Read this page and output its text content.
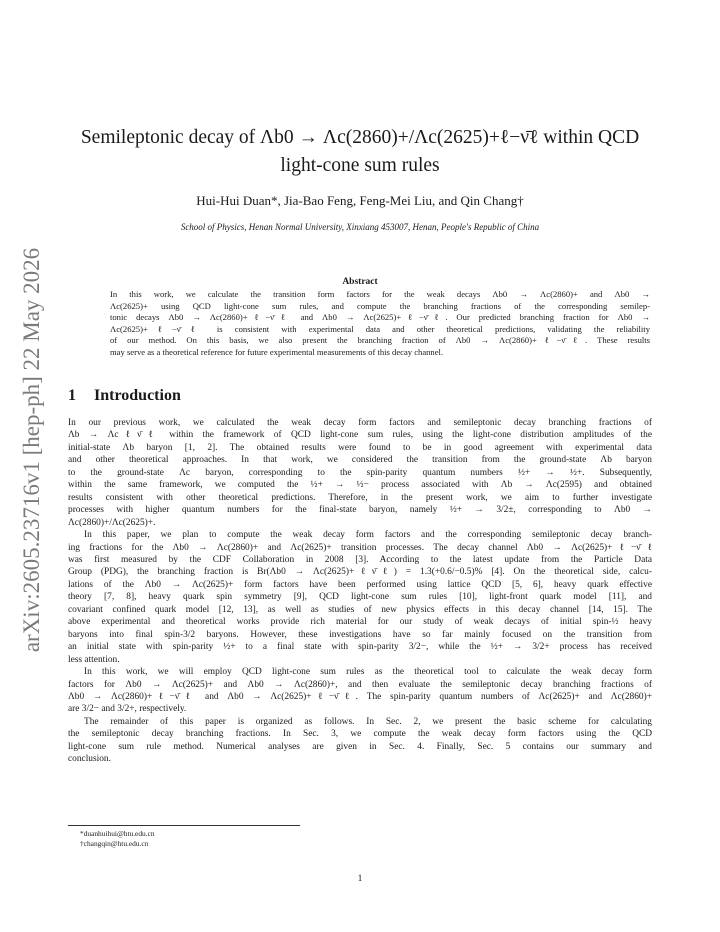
arXiv:2605.23716v1 [hep-ph] 22 May 2026
Semileptonic decay of Λb0 → Λc(2860)+/Λc(2625)+ℓ−ν̄ℓ within QCD
light-cone sum rules
Hui-Hui Duan*, Jia-Bao Feng, Feng-Mei Liu, and Qin Chang†
School of Physics, Henan Normal University, Xinxiang 453007, Henan, People's Republic of China
Abstract
In this work, we calculate the transition form factors for the weak decays Λb0 → Λc(2860)+ and Λb0 →
Λc(2625)+ using QCD light-cone sum rules, and compute the branching fractions of the corresponding semilep-
tonic decays Λb0 → Λc(2860)+ℓ−ν̄ℓ and Λb0 → Λc(2625)+ℓ−ν̄ℓ. Our predicted branching fraction for Λb0 →
Λc(2625)+ℓ−ν̄ℓ is consistent with experimental data and other theoretical predictions, validating the reliability
of our method. On this basis, we also present the branching fraction of Λb0 → Λc(2860)+ℓ−ν̄ℓ. These results
may serve as a theoretical reference for future experimental measurements of this decay channel.
1 Introduction
In our previous work, we calculated the weak decay form factors and semileptonic decay branching fractions of
Λb → Λcℓν̄ℓ within the framework of QCD light-cone sum rules, using the light-cone distribution amplitudes of the
initial-state Λb baryon [1, 2]. The obtained results were found to be in good agreement with experimental data
and other theoretical approaches. In that work, we considered the transition from the ground-state Λb baryon
to the ground-state Λc baryon, corresponding to the spin-parity quantum numbers ½+ → ½+. Subsequently,
within the same framework, we computed the ½+ → ½− process associated with Λb → Λc(2595) and obtained
results consistent with other theoretical predictions. Therefore, in the present work, we aim to further investigate
processes with higher quantum numbers for the final-state baryon, namely ½+ → 3/2±, corresponding to Λb0 →
Λc(2860)+/Λc(2625)+.
In this paper, we plan to compute the weak decay form factors and the corresponding semileptonic decay branch-
ing fractions for the Λb0 → Λc(2860)+ and Λc(2625)+ transition processes. The decay channel Λb0 → Λc(2625)+ℓ−ν̄ℓ
was first measured by the CDF Collaboration in 2008 [3]. According to the latest update from the Particle Data
Group (PDG), the branching fraction is Br(Λb0 → Λc(2625)+ℓν̄ℓ) = 1.3(+0.6/−0.5)% [4]. On the theoretical side, calcu-
lations of the Λb0 → Λc(2625)+ form factors have been performed using lattice QCD [5, 6], heavy quark effective
theory [7, 8], heavy quark spin symmetry [9], QCD light-cone sum rules [10], light-front quark model [11], and
covariant confined quark model [12, 13], as well as studies of new physics effects in this decay channel [14, 15]. The
above experimental and theoretical works provide rich material for our study of weak decays of initial spin-½ heavy
baryons into final spin-3/2 baryons. However, these investigations have so far mainly focused on the transition from
an initial state with spin-parity ½+ to a final state with spin-parity 3/2−, while the ½+ → 3/2+ process has received
less attention.
In this work, we will employ QCD light-cone sum rules as the theoretical tool to calculate the weak decay form
factors for Λb0 → Λc(2625)+ and Λb0 → Λc(2860)+, and then evaluate the semileptonic decay branching fractions of
Λb0 → Λc(2860)+ℓ−ν̄ℓ and Λb0 → Λc(2625)+ℓ−ν̄ℓ. The spin-parity quantum numbers of Λc(2625)+ and Λc(2860)+
are 3/2− and 3/2+, respectively.
The remainder of this paper is organized as follows. In Sec. 2, we present the basic scheme for calculating
the semileptonic decay branching fractions. In Sec. 3, we compute the weak decay form factors using the QCD
light-cone sum rule method. Numerical analyses are given in Sec. 4. Finally, Sec. 5 contains our summary and
conclusion.
*duanhuihui@htu.edu.cn
†changqin@htu.edu.cn
1
